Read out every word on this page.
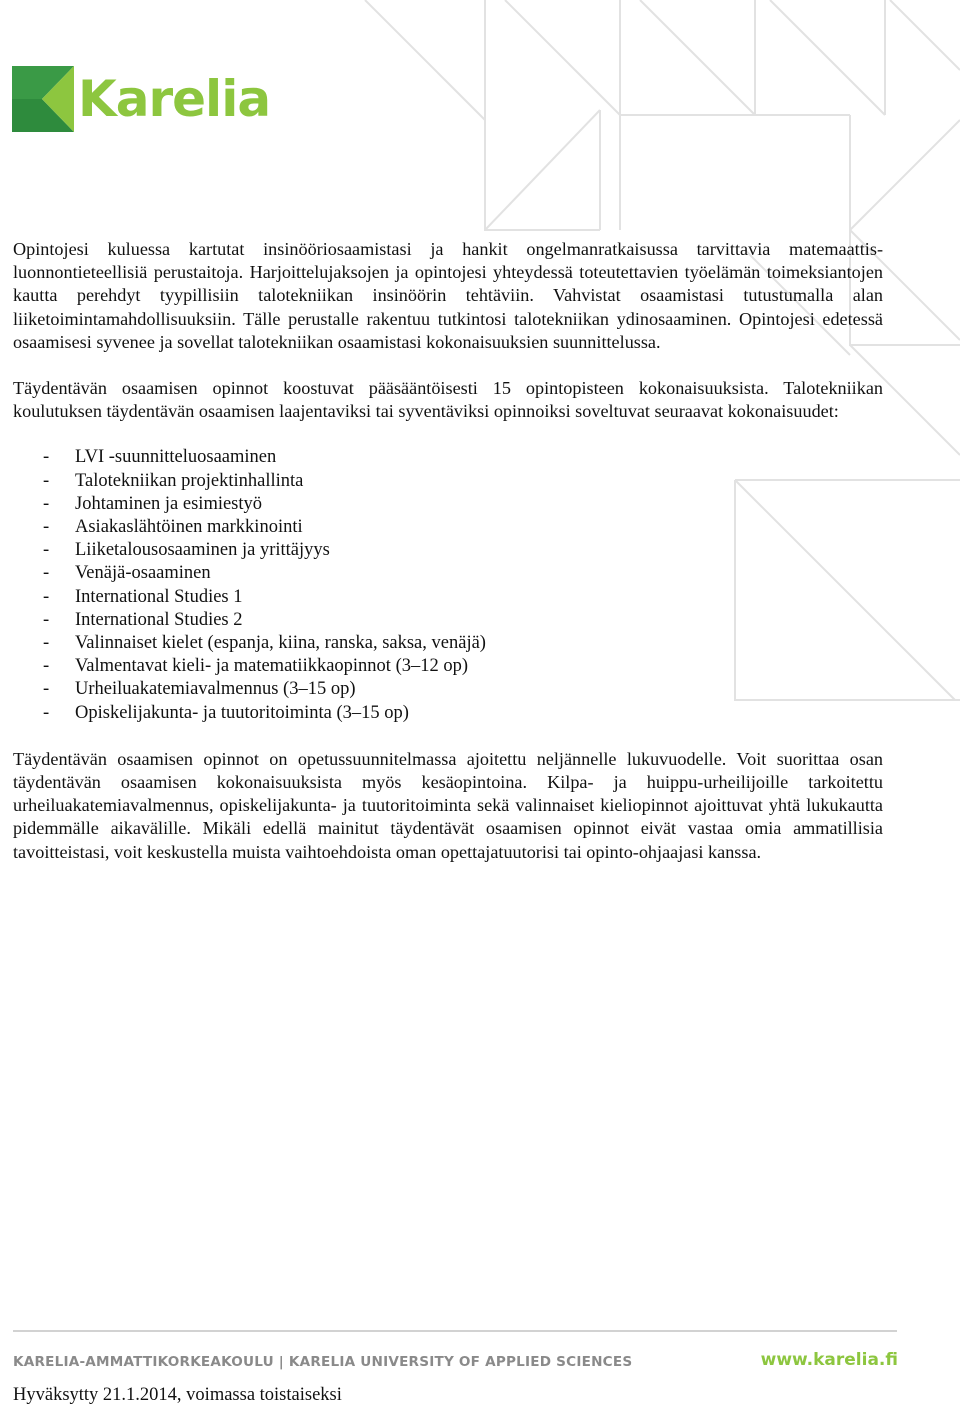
Karelia

Opintojesi kuluessa kartutat insinööriosaamistasi ja hankit ongelmanratkaisussa tarvittavia matemaattisluonnontieteellisiä perustaitoja. Harjoittelujaksojen ja opintojesi yhteydessä toteutettavien työelämän toimeksiantojen kautta perehdyt tyypillisiin talotekniikan insinöörin tehtäviin. Vahvistat osaamistasi tutustumalla alan liiketoimintamahdollisuuksiin. Tälle perustalle rakentuu tutkintosi talotekniikan ydinosaaminen. Opintojesi edetessä osaamisesi syvenee ja sovellat talotekniikan osaamistasi kokonaisuuksien suunnittelussa.

Täydentävän osaamisen opinnot koostuvat pääsääntöisesti 15 opintopisteen kokonaisuuksista. Talotekniikan koulutuksen täydentävän osaamisen laajentaviksi tai syventäviksi opinnoiksi soveltuvat seuraavat kokonaisuudet:

-	LVI -suunnitteluosaaminen
-	Talotekniikan projektinhallinta
-	Johtaminen ja esimiestyö
-	Asiakaslähtöinen markkinointi
-	Liiketalousosaaminen ja yrittäjyys
-	Venäjä-osaaminen
-	International Studies 1
-	International Studies 2
-	Valinnaiset kielet (espanja, kiina, ranska, saksa, venäjä)
-	Valmentavat kieli- ja matematiikkaopinnot (3–12 op)
-	Urheiluakatemiavalmennus (3–15 op)
-	Opiskelijakunta- ja tuutoritoiminta (3–15 op)

Täydentävän osaamisen opinnot on opetussuunnitelmassa ajoitettu neljännelle lukuvuodelle. Voit suorittaa osan täydentävän osaamisen kokonaisuuksista myös kesäopintoina. Kilpa- ja huippu-urheilijoille tarkoitettu urheiluakatemiavalmennus, opiskelijakunta- ja tuutoritoiminta sekä valinnaiset kieliopinnot ajoittuvat yhtä lukukautta pidemmälle aikavälille. Mikäli edellä mainitut täydentävät osaamisen opinnot eivät vastaa omia ammatillisia tavoitteistasi, voit keskustella muista vaihtoehdoista oman opettajatuutorisi tai opinto-ohjaajasi kanssa.

KARELIA-AMMATTIKORKEAKOULU | KARELIA UNIVERSITY OF APPLIED SCIENCES	www.karelia.fi
Hyväksytty 21.1.2014, voimassa toistaiseksi
